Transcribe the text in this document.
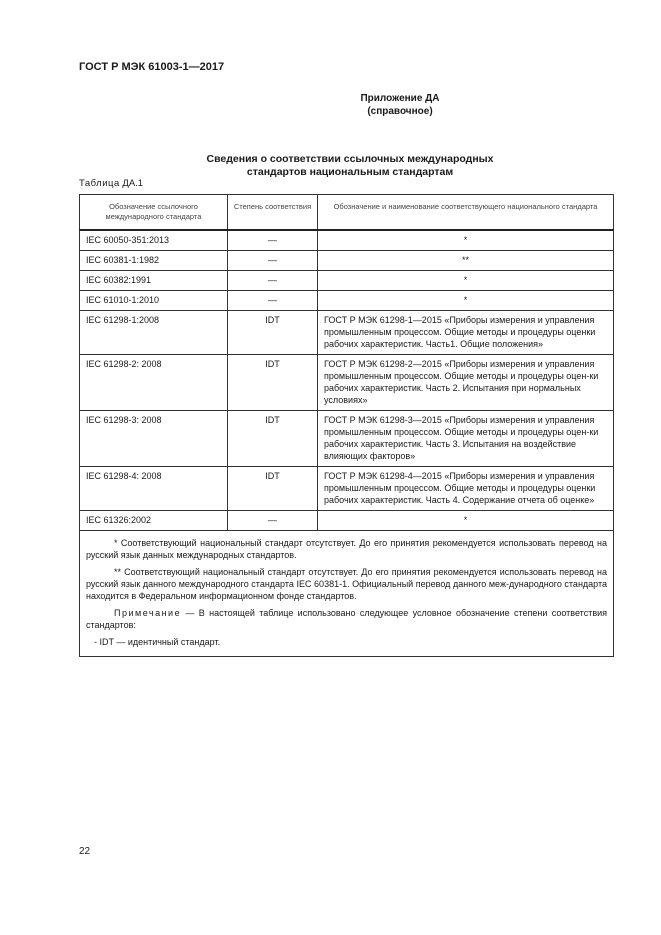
ГОСТ Р МЭК 61003-1—2017
Приложение ДА
(справочное)
Сведения о соответствии ссылочных международных
стандартов национальным стандартам
Таблица ДА.1
Обозначение ссылочного международного стандарта	Степень соответствия	Обозначение и наименование соответствующего национального стандарта
IEC 60050-351:2013	—	*
IEC 60381-1:1982	—	**
IEC 60382:1991	—	*
IEC 61010-1:2010	—	*
IEC 61298-1:2008	IDT	ГОСТ Р МЭК 61298-1—2015 «Приборы измерения и управления промышленным процессом. Общие методы и процедуры оценки рабочих характеристик. Часть1. Общие положения»
IEC 61298-2: 2008	IDT	ГОСТ Р МЭК 61298-2—2015 «Приборы измерения и управления промышленным процессом. Общие методы и процедуры оцен-ки рабочих характеристик. Часть 2. Испытания при нормальных условиях»
IEC 61298-3: 2008	IDT	ГОСТ Р МЭК 61298-3—2015 «Приборы измерения и управления промышленным процессом. Общие методы и процедуры оцен-ки рабочих характеристик. Часть 3. Испытания на воздействие влияющих факторов»
IEC 61298-4: 2008	IDT	ГОСТ Р МЭК 61298-4—2015 «Приборы измерения и управления промышленным процессом. Общие методы и процедуры оценки рабочих характеристик. Часть 4. Содержание отчета об оценке»
IEC 61326:2002	—	*

* Соответствующий национальный стандарт отсутствует. До его принятия рекомендуется использовать перевод на русский язык данных международных стандартов.

** Соответствующий национальный стандарт отсутствует. До его принятия рекомендуется использовать перевод на русский язык данного международного стандарта IEC 60381-1. Официальный перевод данного меж-дународного стандарта находится в Федеральном информационном фонде стандартов.

Примечание — В настоящей таблице использовано следующее условное обозначение степени соответствия стандартов:

- IDT — идентичный стандарт.		

22
